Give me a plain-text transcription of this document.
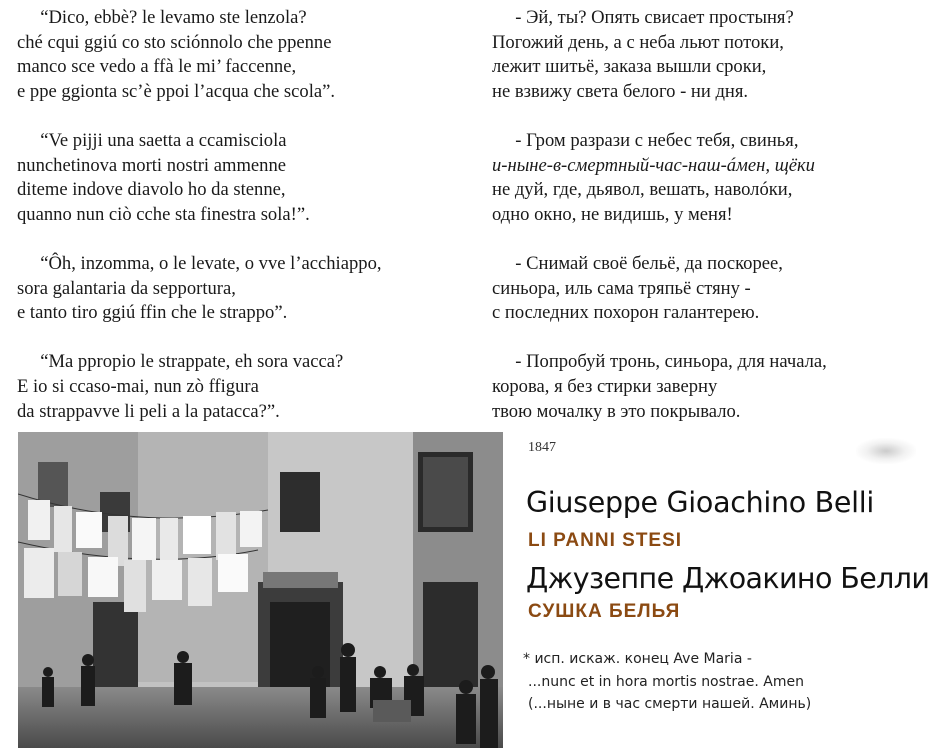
“Dico, ebbè? le levamo ste lenzola?
ché cqui ggiú co sto sciónnolo che ppenne
manco sce vedo a ffà le mi’ faccenne,
e ppe ggionta sc’è ppoi l’acqua che scola”.
“Ve pijji una saetta a ccamisciola
nunchetinova morti nostri ammenne
diteme indove diavolo ho da stenne,
quanno nun ciò cche sta finestra sola!”.
“Ôh, inzomma, o le levate, o vve l’acchiappo,
sora galantaria da sepportura,
e tanto tiro ggiú ffin che le strappo”.
“Ma ppropio le strappate, eh sora vacca?
E io si ccaso-mai, nun zò ffigura
da strappavve li peli a la patacca?”.
- Эй, ты? Опять свисает простыня?
Погожий день, а с неба льют потоки,
лежит шитьё, заказа вышли сроки,
не взвижу света белого - ни дня.
- Гром разрази с небес тебя, свинья,
и-ныне-в-смертный-час-наш-áмен, щёки
не дуй, где, дьявол, вешать, наволóки,
одно окно, не видишь, у меня!
- Снимай своё бельё, да поскорее,
синьора, иль сама тряпьё стяну -
с последних похорон галантерею.
- Попробуй тронь, синьора, для начала,
корова, я без стирки заверну
твою мочалку в это покрывало.
1847
Giuseppe Gioachino Belli
LI PANNI STESI
Джузеппе Джоакино Белли
СУШКА БЕЛЬЯ
* исп. искаж. конец Ave Maria -
...nunc et in hora mortis nostrae. Amen
(...ныне и в час смерти нашей. Аминь)
